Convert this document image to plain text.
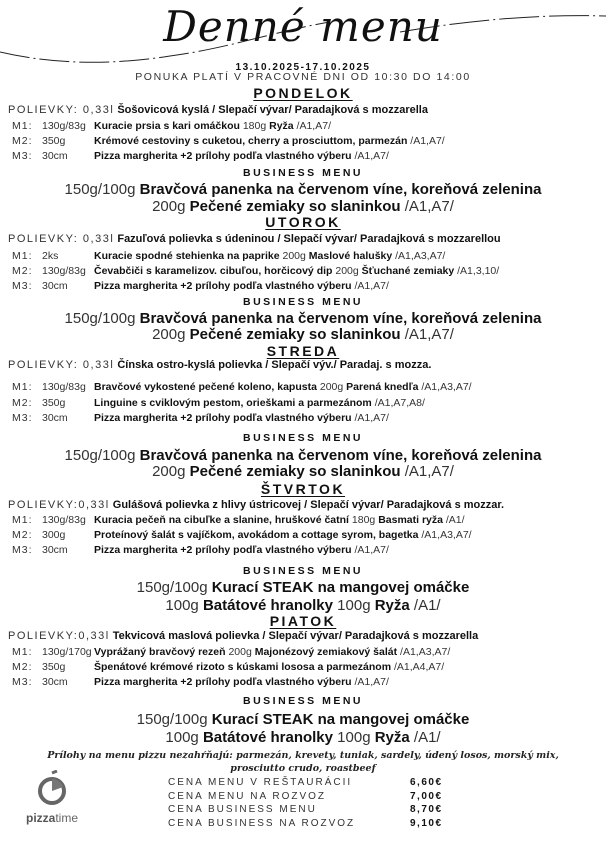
Denné menu
13.10.2025-17.10.2025
PONUKA PLATÍ V PRACOVNÉ DNI OD 10:30 DO 14:00
PONDELOK
POLIEVKY: 0,33l Šošovicová kyslá / Slepačí vývar/ Paradajková s mozzarella
M1: 130g/83g Kuracie prsia s kari omáčkou 180g Ryža /A1,A7/
M2: 350g	Krémové cestoviny s cuketou, cherry a prosciuttom, parmezán /A1,A7/
M3: 30cm	Pizza margherita +2 prílohy podľa vlastného výberu /A1,A7/
BUSINESS MENU
150g/100g Bravčová panenka na červenom víne, koreňová zelenina
200g Pečené zemiaky so slaninkou /A1,A7/
UTOROK
POLIEVKY: 0,33l Fazuľová polievka s údeninou / Slepačí vývar/ Paradajková s mozzarellou
M1: 2ks	Kuracie spodné stehienka na paprike 200g Maslové halušky /A1,A3,A7/
M2: 130g/83g Čevabčiči s karamelizov. cibuľou, horčicový dip 200g Šťuchané zemiaky /A1,3,10/
M3: 30cm	Pizza margherita +2 prílohy podľa vlastného výberu /A1,A7/
BUSINESS MENU
150g/100g Bravčová panenka na červenom víne, koreňová zelenina
200g Pečené zemiaky so slaninkou /A1,A7/
STREDA
POLIEVKY: 0,33l Čínska ostro-kyslá polievka / Slepačí výv./ Paradaj. s mozza.
M1: 130g/83g Bravčové vykostené pečené koleno, kapusta 200g Parená knedľa /A1,A3,A7/
M2: 350g	Linguine s cviklovým pestom, orieškami a parmezánom /A1,A7,A8/
M3: 30cm	Pizza margherita +2 prílohy podľa vlastného výberu /A1,A7/
BUSINESS MENU
150g/100g Bravčová panenka na červenom víne, koreňová zelenina
200g Pečené zemiaky so slaninkou /A1,A7/
ŠTVRTOK
POLIEVKY:0,33l Gulášová polievka z hlivy ústricovej / Slepačí vývar/ Paradajková s mozzar.
M1: 130g/83g Kuracia pečeň na cibuľke a slanine, hruškové čatní 180g Basmati ryža /A1/
M2: 300g	Proteínový šalát s vajíčkom, avokádom a cottage syrom, bagetka /A1,A3,A7/
M3: 30cm	Pizza margherita +2 prílohy podľa vlastného výberu /A1,A7/
BUSINESS MENU
150g/100g Kurací STEAK na mangovej omáčke
100g Batátové hranolky 100g Ryža /A1/
PIATOK
POLIEVKY:0,33l Tekvicová maslová polievka / Slepačí vývar/ Paradajková s mozzarella
M1: 130g/170g Vyprážaný bravčový rezeň 200g Majonézový zemiakový šalát /A1,A3,A7/
M2: 350g	Špenátové krémové rizoto s kúskami lososa a parmezánom /A1,A4,A7/
M3: 30cm	Pizza margherita +2 prílohy podľa vlastného výberu /A1,A7/
BUSINESS MENU
150g/100g Kurací STEAK na mangovej omáčke
100g Batátové hranolky 100g Ryža /A1/
Prílohy na menu pizzu nezahŕňajú: parmezán, krevety, tuniak, sardely, údený losos, morský mix,
prosciutto crudo, roastbeef
pizzatime
CENA MENU V REŠTAURÁCII	6,60€
CENA MENU NA ROZVOZ	7,00€
CENA BUSINESS MENU	8,70€
CENA BUSINESS NA ROZVOZ	9,10€
